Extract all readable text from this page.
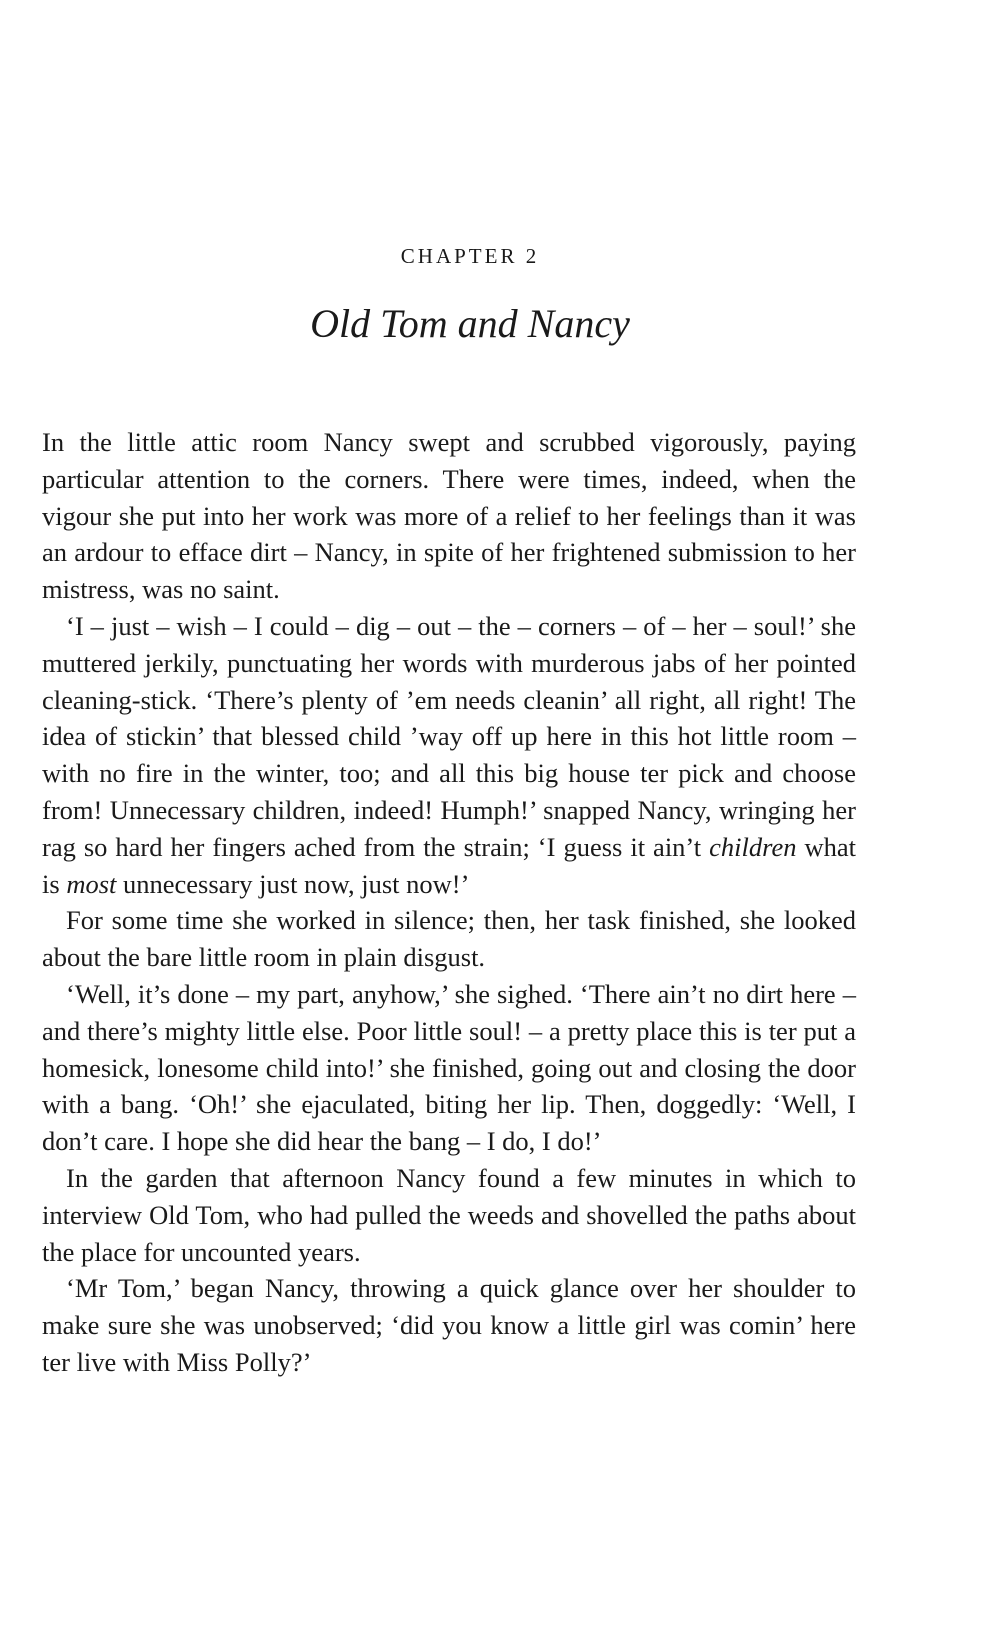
CHAPTER 2
Old Tom and Nancy

In the little attic room Nancy swept and scrubbed vigorously, paying particular attention to the corners. There were times, indeed, when the vigour she put into her work was more of a relief to her feelings than it was an ardour to efface dirt – Nancy, in spite of her frightened submission to her mistress, was no saint.

‘I – just – wish – I could – dig – out – the – corners – of – her – soul!’ she muttered jerkily, punctuating her words with murderous jabs of her pointed cleaning-stick. ‘There’s plenty of ’em needs cleanin’ all right, all right! The idea of stickin’ that blessed child ’way off up here in this hot little room – with no fire in the winter, too; and all this big house ter pick and choose from! Unnecessary children, indeed! Humph!’ snapped Nancy, wringing her rag so hard her fingers ached from the strain; ‘I guess it ain’t children what is most unnecessary just now, just now!’

For some time she worked in silence; then, her task finished, she looked about the bare little room in plain disgust.

‘Well, it’s done – my part, anyhow,’ she sighed. ‘There ain’t no dirt here – and there’s mighty little else. Poor little soul! – a pretty place this is ter put a homesick, lonesome child into!’ she finished, going out and closing the door with a bang. ‘Oh!’ she ejaculated, biting her lip. Then, doggedly: ‘Well, I don’t care. I hope she did hear the bang – I do, I do!’

In the garden that afternoon Nancy found a few minutes in which to interview Old Tom, who had pulled the weeds and shovelled the paths about the place for uncounted years.

‘Mr Tom,’ began Nancy, throwing a quick glance over her shoulder to make sure she was unobserved; ‘did you know a little girl was comin’ here ter live with Miss Polly?’
